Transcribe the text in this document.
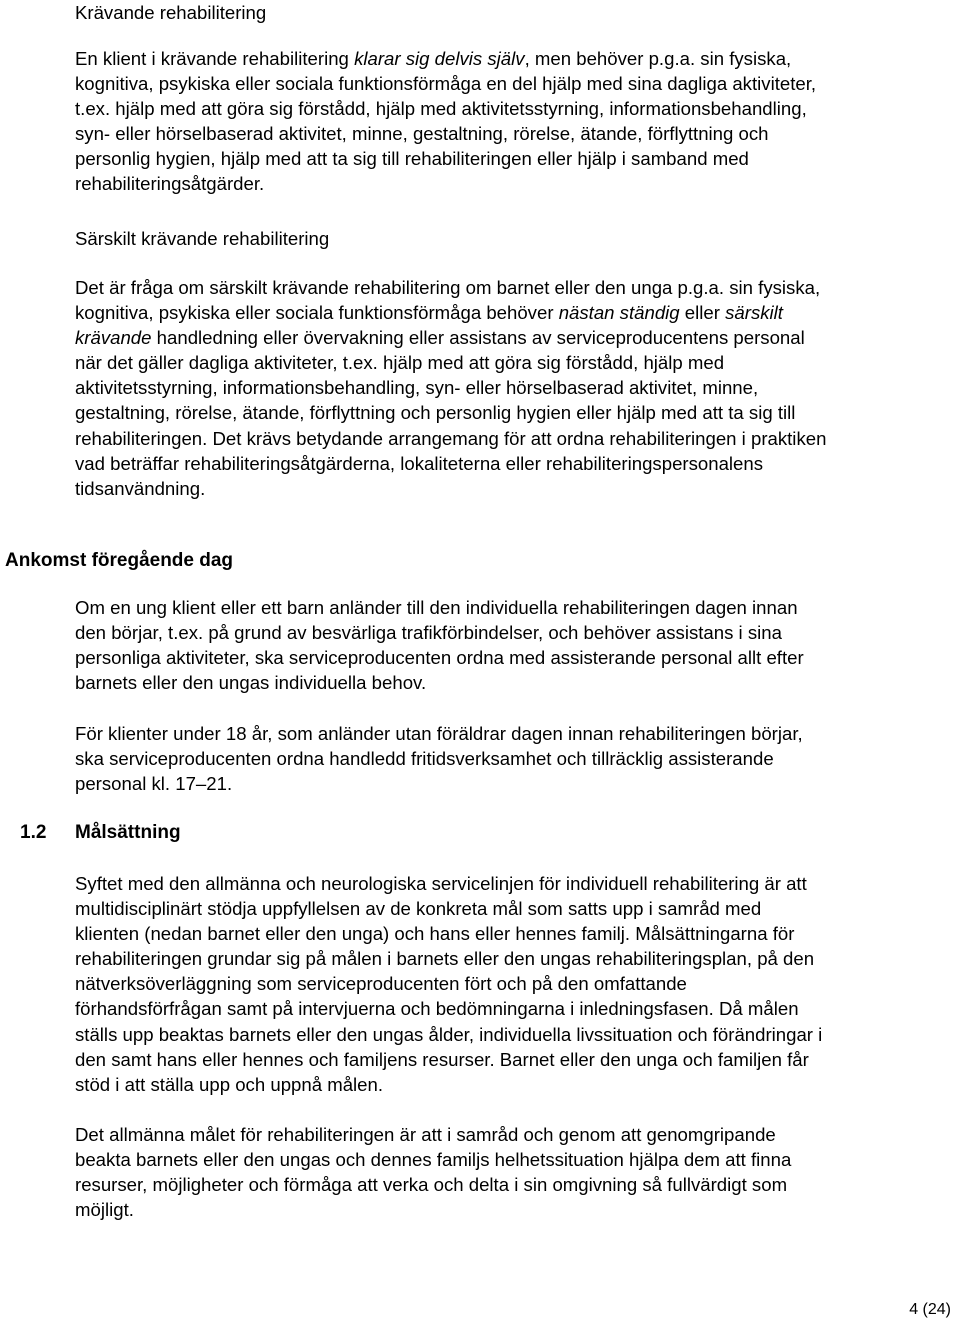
Krävande rehabilitering

En klient i krävande rehabilitering klarar sig delvis själv, men behöver p.g.a. sin fysiska,
kognitiva, psykiska eller sociala funktionsförmåga en del hjälp med sina dagliga aktiviteter,
t.ex. hjälp med att göra sig förstådd, hjälp med aktivitetsstyrning, informationsbehandling,
syn- eller hörselbaserad aktivitet, minne, gestaltning, rörelse, ätande, förflyttning och
personlig hygien, hjälp med att ta sig till rehabiliteringen eller hjälp i samband med
rehabiliteringsåtgärder.

Särskilt krävande rehabilitering

Det är fråga om särskilt krävande rehabilitering om barnet eller den unga p.g.a. sin fysiska,
kognitiva, psykiska eller sociala funktionsförmåga behöver nästan ständig eller särskilt
krävande handledning eller övervakning eller assistans av serviceproducentens personal
när det gäller dagliga aktiviteter, t.ex. hjälp med att göra sig förstådd, hjälp med
aktivitetsstyrning, informationsbehandling, syn- eller hörselbaserad aktivitet, minne,
gestaltning, rörelse, ätande, förflyttning och personlig hygien eller hjälp med att ta sig till
rehabiliteringen. Det krävs betydande arrangemang för att ordna rehabiliteringen i praktiken
vad beträffar rehabiliteringsåtgärderna, lokaliteterna eller rehabiliteringspersonalens
tidsanvändning.

Ankomst föregående dag

Om en ung klient eller ett barn anländer till den individuella rehabiliteringen dagen innan
den börjar, t.ex. på grund av besvärliga trafikförbindelser, och behöver assistans i sina
personliga aktiviteter, ska serviceproducenten ordna med assisterande personal allt efter
barnets eller den ungas individuella behov.

För klienter under 18 år, som anländer utan föräldrar dagen innan rehabiliteringen börjar,
ska serviceproducenten ordna handledd fritidsverksamhet och tillräcklig assisterande
personal kl. 17–21.

1.2 Målsättning

Syftet med den allmänna och neurologiska servicelinjen för individuell rehabilitering är att
multidisciplinärt stödja uppfyllelsen av de konkreta mål som satts upp i samråd med
klienten (nedan barnet eller den unga) och hans eller hennes familj. Målsättningarna för
rehabiliteringen grundar sig på målen i barnets eller den ungas rehabiliteringsplan, på den
nätverksöverläggning som serviceproducenten fört och på den omfattande
förhandsförfrågan samt på intervjuerna och bedömningarna i inledningsfasen. Då målen
ställs upp beaktas barnets eller den ungas ålder, individuella livssituation och förändringar i
den samt hans eller hennes och familjens resurser. Barnet eller den unga och familjen får
stöd i att ställa upp och uppnå målen.

Det allmänna målet för rehabiliteringen är att i samråd och genom att genomgripande
beakta barnets eller den ungas och dennes familjs helhetssituation hjälpa dem att finna
resurser, möjligheter och förmåga att verka och delta i sin omgivning så fullvärdigt som
möjligt.

4 (24)
